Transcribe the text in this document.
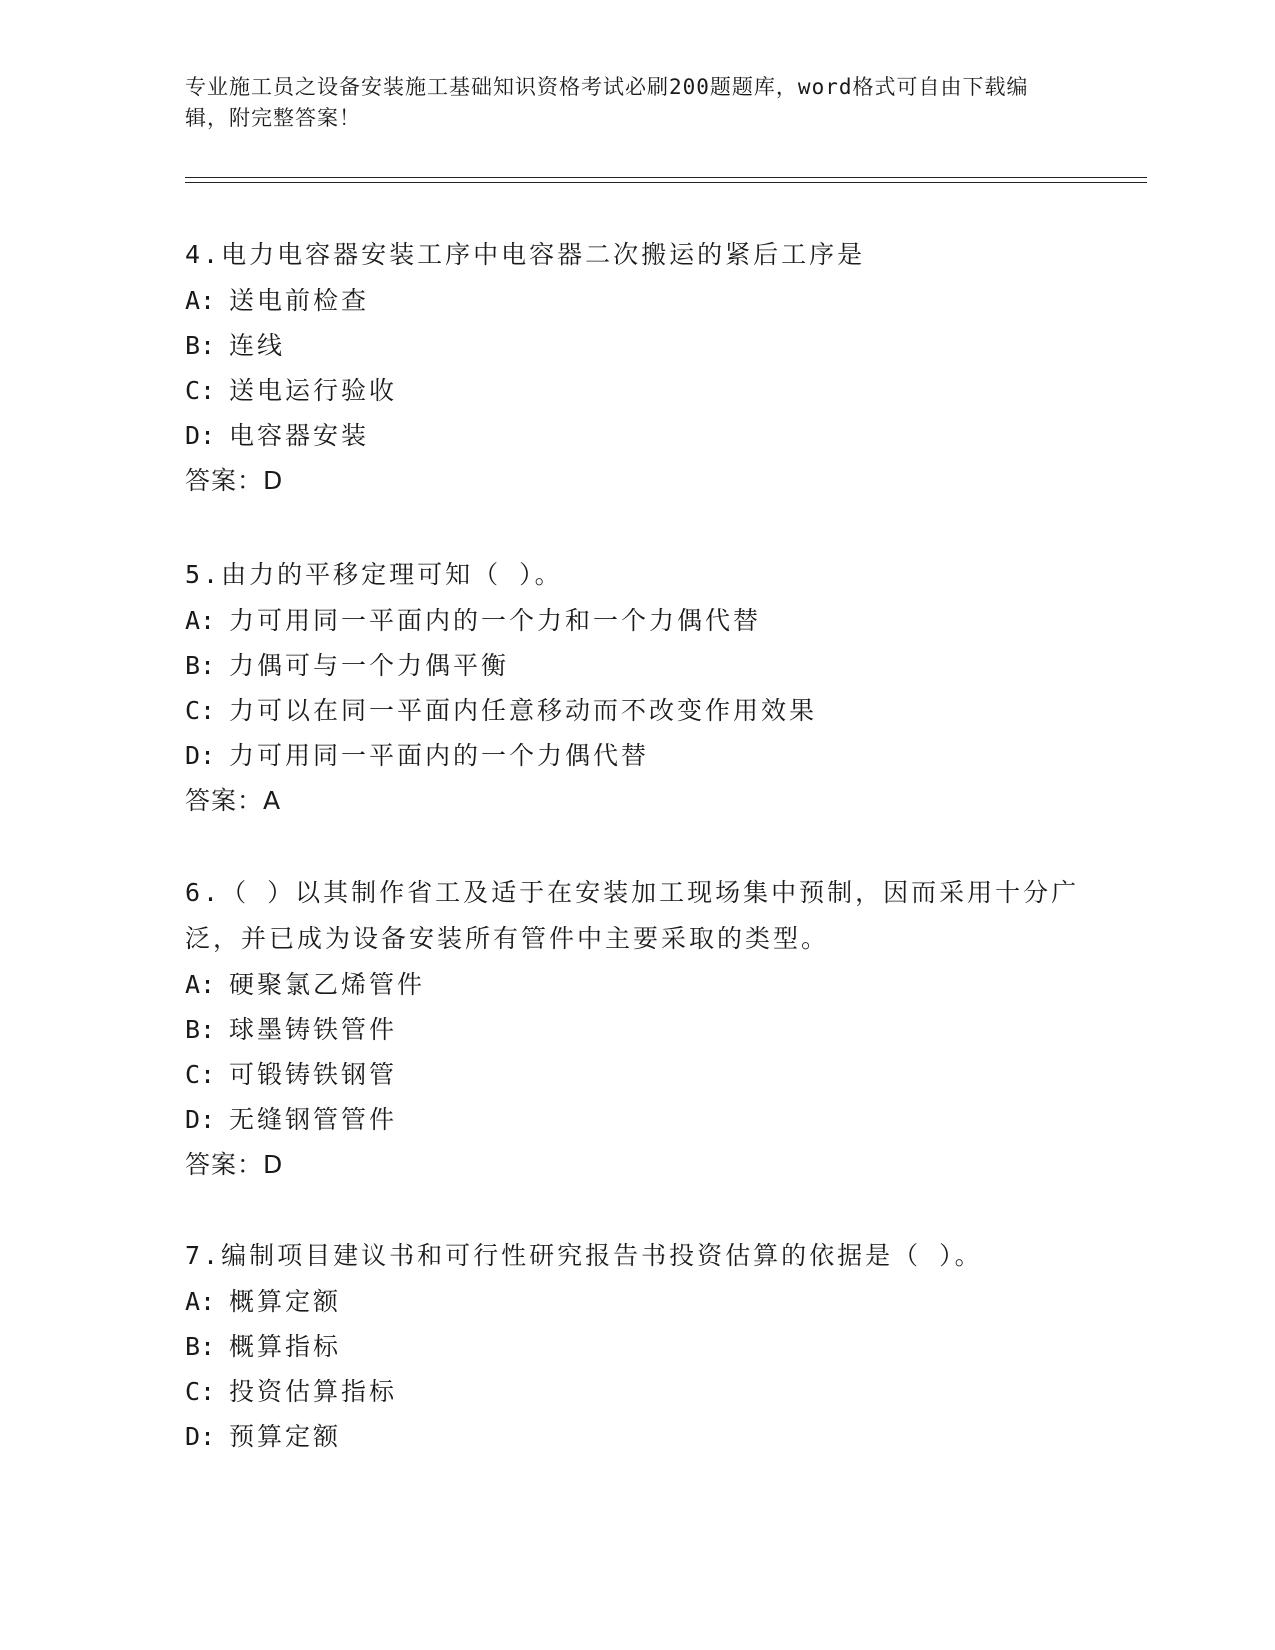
专业施工员之设备安装施工基础知识资格考试必刷200题题库，word格式可自由下载编辑，附完整答案！

4.电力电容器安装工序中电容器二次搬运的紧后工序是

A: 送电前检查

B: 连线

C: 送电运行验收

D: 电容器安装

答案：D

5.由力的平移定理可知（ ）。

A: 力可用同一平面内的一个力和一个力偶代替

B: 力偶可与一个力偶平衡

C: 力可以在同一平面内任意移动而不改变作用效果

D: 力可用同一平面内的一个力偶代替

答案：A

6.（ ）以其制作省工及适于在安装加工现场集中预制，因而采用十分广泛，并已成为设备安装所有管件中主要采取的类型。

A: 硬聚氯乙烯管件

B: 球墨铸铁管件

C: 可锻铸铁钢管

D: 无缝钢管管件

答案：D

7.编制项目建议书和可行性研究报告书投资估算的依据是（ ）。

A: 概算定额

B: 概算指标

C: 投资估算指标

D: 预算定额
